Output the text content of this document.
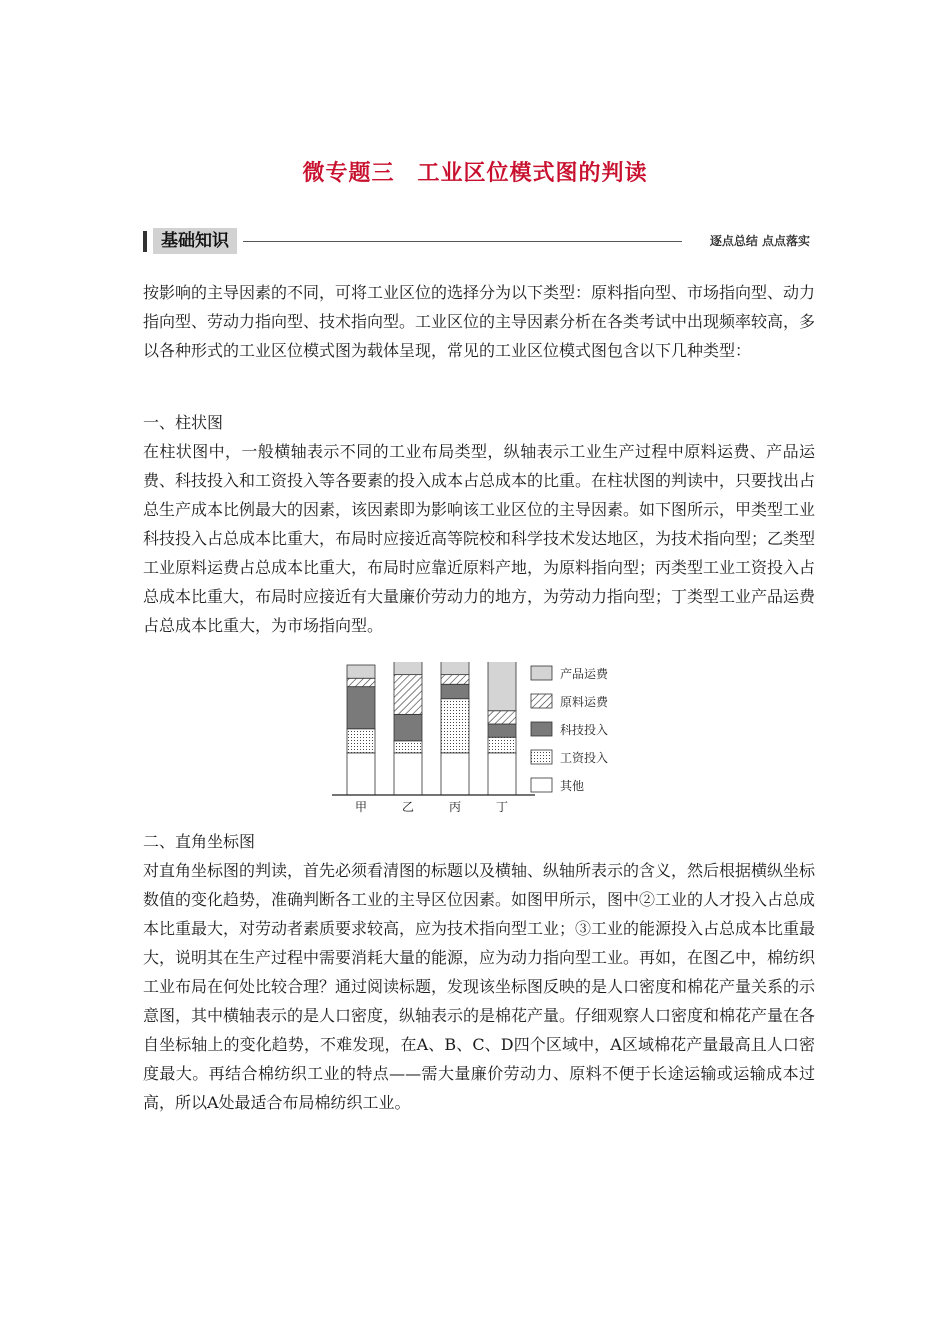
微专题三　工业区位模式图的判读
基础知识	逐点总结 点点落实
按影响的主导因素的不同，可将工业区位的选择分为以下类型：原料指向型、市场指向型、动力指向型、劳动力指向型、技术指向型。工业区位的主导因素分析在各类考试中出现频率较高，多以各种形式的工业区位模式图为载体呈现，常见的工业区位模式图包含以下几种类型：
一、柱状图
在柱状图中，一般横轴表示不同的工业布局类型，纵轴表示工业生产过程中原料运费、产品运费、科技投入和工资投入等各要素的投入成本占总成本的比重。在柱状图的判读中，只要找出占总生产成本比例最大的因素，该因素即为影响该工业区位的主导因素。如下图所示，甲类型工业科技投入占总成本比重大，布局时应接近高等院校和科学技术发达地区，为技术指向型；乙类型工业原料运费占总成本比重大，布局时应靠近原料产地，为原料指向型；丙类型工业工资投入占总成本比重大，布局时应接近有大量廉价劳动力的地方，为劳动力指向型；丁类型工业产品运费占总成本比重大，为市场指向型。
甲	乙	丙	丁
产品运费
原料运费
科技投入
工资投入
其他
二、直角坐标图
对直角坐标图的判读，首先必须看清图的标题以及横轴、纵轴所表示的含义，然后根据横纵坐标数值的变化趋势，准确判断各工业的主导区位因素。如图甲所示，图中②工业的人才投入占总成本比重最大，对劳动者素质要求较高，应为技术指向型工业；③工业的能源投入占总成本比重最大，说明其在生产过程中需要消耗大量的能源，应为动力指向型工业。再如，在图乙中，棉纺织工业布局在何处比较合理？通过阅读标题，发现该坐标图反映的是人口密度和棉花产量关系的示意图，其中横轴表示的是人口密度，纵轴表示的是棉花产量。仔细观察人口密度和棉花产量在各自坐标轴上的变化趋势，不难发现，在A、B、C、D四个区域中，A区域棉花产量最高且人口密度最大。再结合棉纺织工业的特点——需大量廉价劳动力、原料不便于长途运输或运输成本过高，所以A处最适合布局棉纺织工业。
